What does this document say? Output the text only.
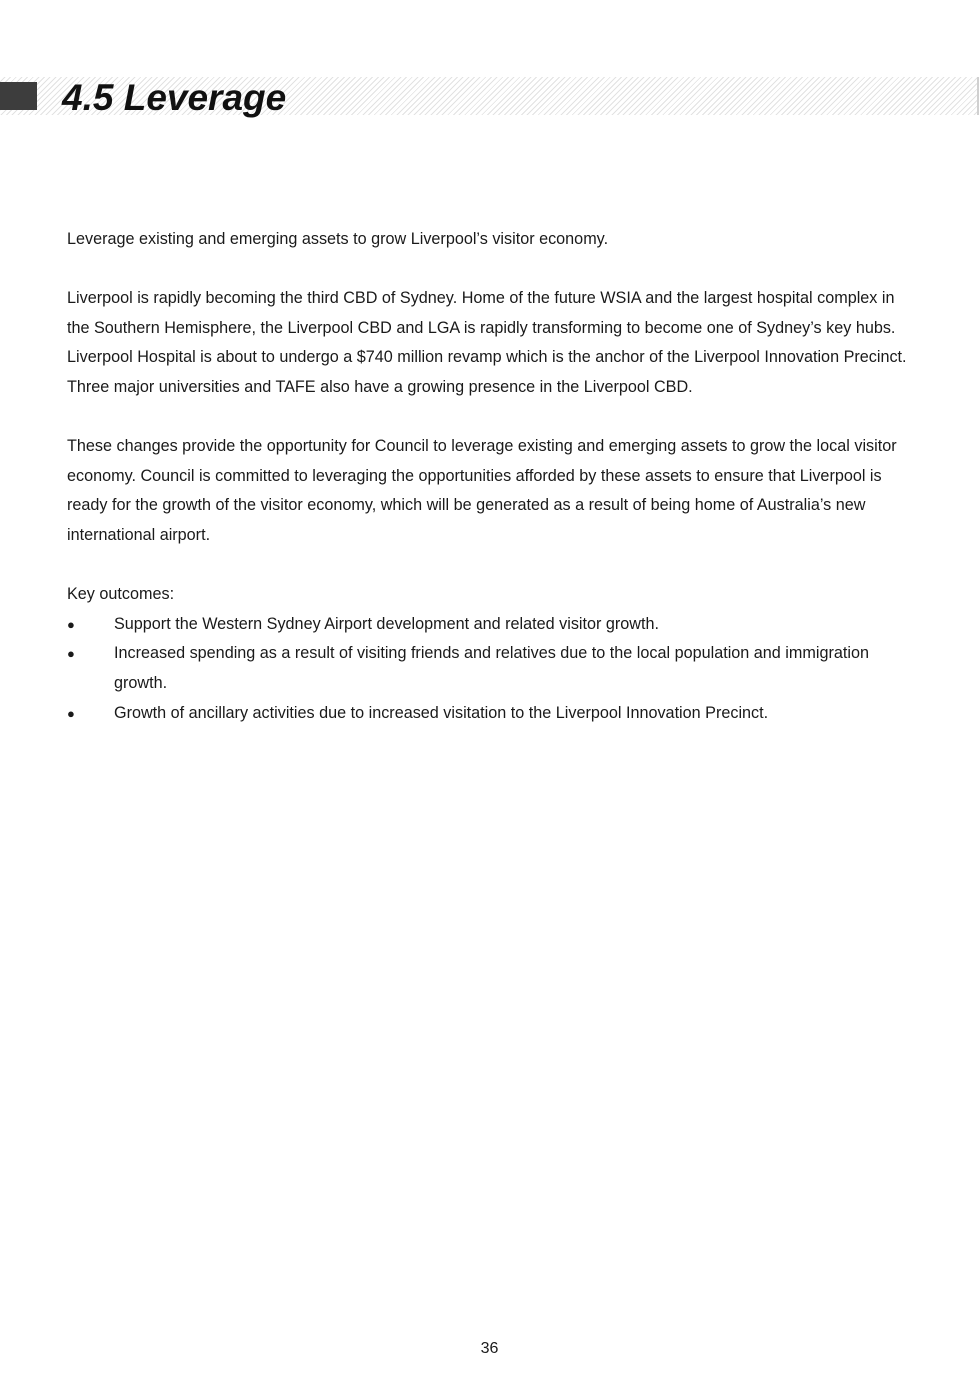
4.5 Leverage

Leverage existing and emerging assets to grow Liverpool’s visitor economy.

Liverpool is rapidly becoming the third CBD of Sydney. Home of the future WSIA and the largest hospital complex in the Southern Hemisphere, the Liverpool CBD and LGA is rapidly transforming to become one of Sydney’s key hubs. Liverpool Hospital is about to undergo a $740 million revamp which is the anchor of the Liverpool Innovation Precinct. Three major universities and TAFE also have a growing presence in the Liverpool CBD.

These changes provide the opportunity for Council to leverage existing and emerging assets to grow the local visitor economy. Council is committed to leveraging the opportunities afforded by these assets to ensure that Liverpool is ready for the growth of the visitor economy, which will be generated as a result of being home of Australia’s new international airport.

Key outcomes:

● Support the Western Sydney Airport development and related visitor growth.
● Increased spending as a result of visiting friends and relatives due to the local population and immigration growth.
● Growth of ancillary activities due to increased visitation to the Liverpool Innovation Precinct.
36
